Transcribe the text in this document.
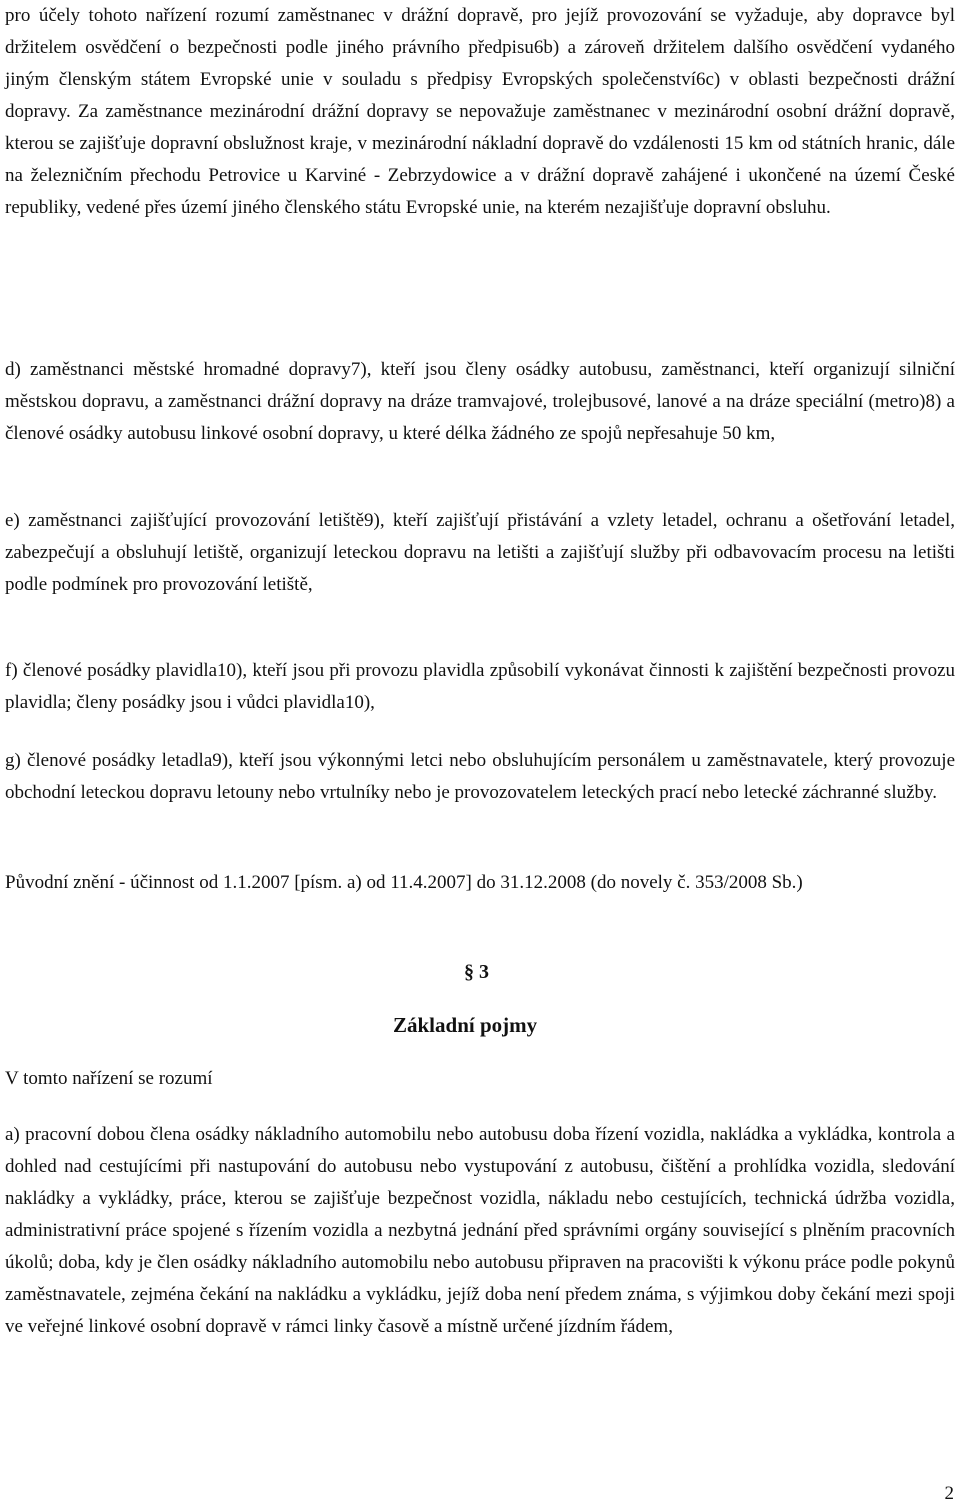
pro účely tohoto nařízení rozumí zaměstnanec v drážní dopravě, pro jejíž provozování se vyžaduje, aby dopravce byl držitelem osvědčení o bezpečnosti podle jiného právního předpisu6b) a zároveň držitelem dalšího osvědčení vydaného jiným členským státem Evropské unie v souladu s předpisy Evropských společenství6c) v oblasti bezpečnosti drážní dopravy. Za zaměstnance mezinárodní drážní dopravy se nepovažuje zaměstnanec v mezinárodní osobní drážní dopravě, kterou se zajišťuje dopravní obslužnost kraje, v mezinárodní nákladní dopravě do vzdálenosti 15 km od státních hranic, dále na železničním přechodu Petrovice u Karviné - Zebrzydowice a v drážní dopravě zahájené i ukončené na území České republiky, vedené přes území jiného členského státu Evropské unie, na kterém nezajišťuje dopravní obsluhu.

d) zaměstnanci městské hromadné dopravy7), kteří jsou členy osádky autobusu, zaměstnanci, kteří organizují silniční městskou dopravu, a zaměstnanci drážní dopravy na dráze tramvajové, trolejbusové, lanové a na dráze speciální (metro)8) a členové osádky autobusu linkové osobní dopravy, u které délka žádného ze spojů nepřesahuje 50 km,

e) zaměstnanci zajišťující provozování letiště9), kteří zajišťují přistávání a vzlety letadel, ochranu a ošetřování letadel, zabezpečují a obsluhují letiště, organizují leteckou dopravu na letišti a zajišťují služby při odbavovacím procesu na letišti podle podmínek pro provozování letiště,

f) členové posádky plavidla10), kteří jsou při provozu plavidla způsobilí vykonávat činnosti k zajištění bezpečnosti provozu plavidla; členy posádky jsou i vůdci plavidla10),

g) členové posádky letadla9), kteří jsou výkonnými letci nebo obsluhujícím personálem u zaměstnavatele, který provozuje obchodní leteckou dopravu letouny nebo vrtulníky nebo je provozovatelem leteckých prací nebo letecké záchranné služby.

Původní znění - účinnost od 1.1.2007 [písm. a) od 11.4.2007] do 31.12.2008 (do novely č. 353/2008 Sb.)

§ 3

Základní pojmy

V tomto nařízení se rozumí

a) pracovní dobou člena osádky nákladního automobilu nebo autobusu doba řízení vozidla, nakládka a vykládka, kontrola a dohled nad cestujícími při nastupování do autobusu nebo vystupování z autobusu, čištění a prohlídka vozidla, sledování nakládky a vykládky, práce, kterou se zajišťuje bezpečnost vozidla, nákladu nebo cestujících, technická údržba vozidla, administrativní práce spojené s řízením vozidla a nezbytná jednání před správními orgány související s plněním pracovních úkolů; doba, kdy je člen osádky nákladního automobilu nebo autobusu připraven na pracovišti k výkonu práce podle pokynů zaměstnavatele, zejména čekání na nakládku a vykládku, jejíž doba není předem známa, s výjimkou doby čekání mezi spoji ve veřejné linkové osobní dopravě v rámci linky časově a místně určené jízdním řádem,

2
